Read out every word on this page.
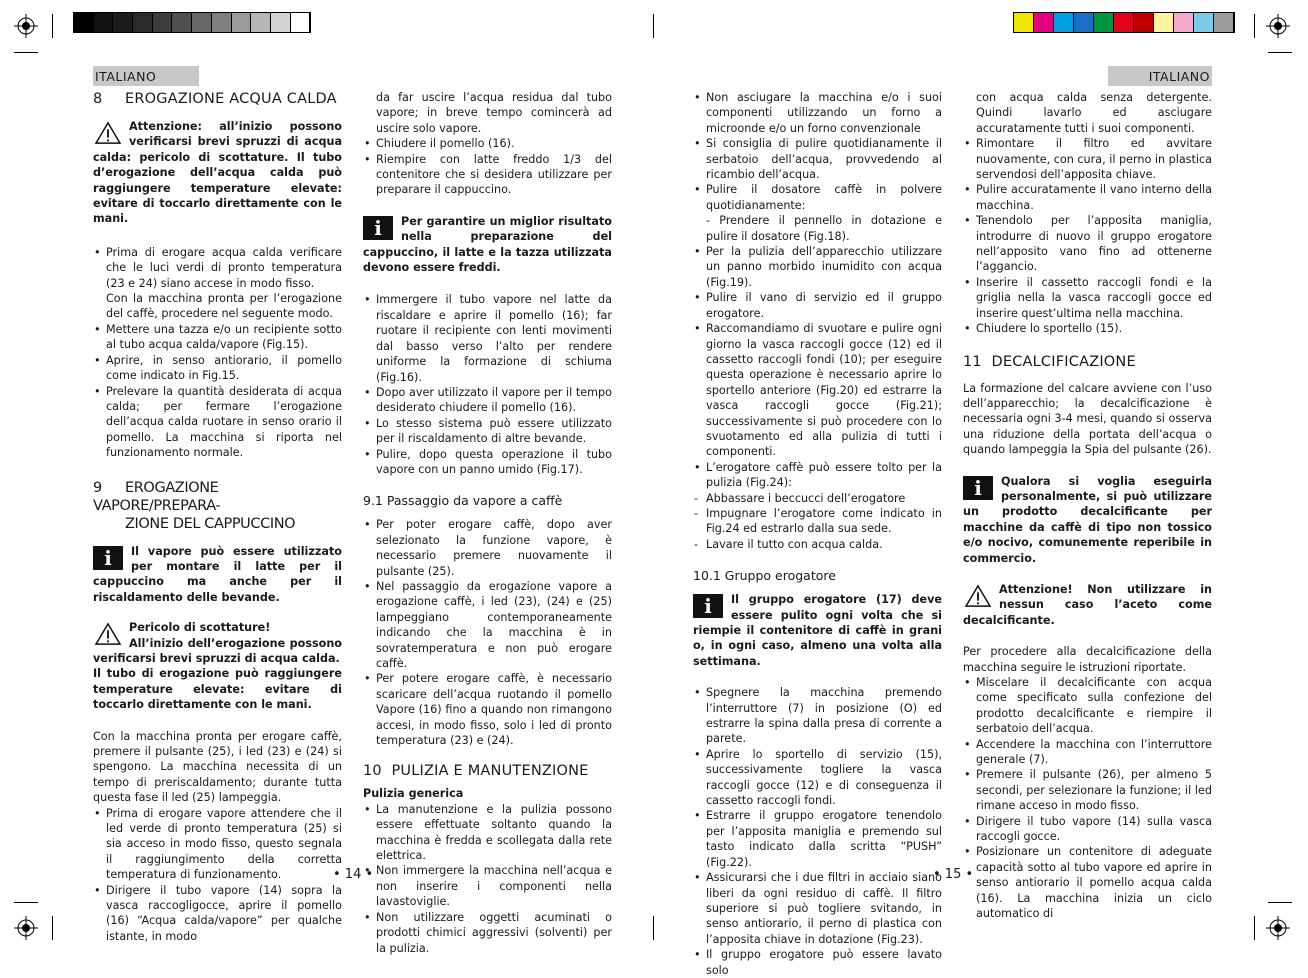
ITALIANO	ITALIANO
• 14 •	• 15 •
8 EROGAZIONE ACQUA CALDA

Attenzione: all’inizio possono verificarsi brevi spruzzi di acqua calda: pericolo di scottature. Il tubo d’erogazione dell’acqua calda può raggiungere temperature elevate: evitare di toccarlo direttamente con le mani.

• Prima di erogare acqua calda verificare che le luci verdi di pronto temperatura (23 e 24) siano accese in modo fisso.
Con la macchina pronta per l’erogazione del caffè, procedere nel seguente modo.
• Mettere una tazza e/o un recipiente sotto al tubo acqua calda/vapore (Fig.15).
• Aprire, in senso antiorario, il pomello come indicato in Fig.15.
• Prelevare la quantità desiderata di acqua calda; per fermare l’erogazione dell’acqua calda ruotare in senso orario il pomello. La macchina si riporta nel funzionamento normale.
9 EROGAZIONE VAPORE/PREPARA-
ZIONE DEL CAPPUCCINO
i	Il vapore può essere utilizzato per montare il latte per il cappuccino ma anche per il riscaldamento delle bevande.

Pericolo di scottature!

All’inizio dell’erogazione possono verificarsi brevi spruzzi di acqua calda.

Il tubo di erogazione può raggiungere temperature elevate: evitare di toccarlo direttamente con le mani.

Con la macchina pronta per erogare caffè, premere il pulsante (25), i led (23) e (24) si spengono. La macchina necessita di un tempo di preriscaldamento; durante tutta questa fase il led (25) lampeggia.

• Prima di erogare vapore attendere che il led verde di pronto temperatura (25) si sia acceso in modo fisso, questo segnala il raggiungimento della corretta temperatura di funzionamento.
• Dirigere il tubo vapore (14) sopra la vasca raccogligocce, aprire il pomello (16) “Acqua calda/vapore” per qualche istante, in modo

da far uscire l’acqua residua dal tubo vapore; in breve tempo comincerà ad uscire solo vapore.

• Chiudere il pomello (16).
• Riempire con latte freddo 1/3 del contenitore che si desidera utilizzare per preparare il cappuccino.
i	Per garantire un miglior risultato nella preparazione del cappuccino, il latte e la tazza utilizzata devono essere freddi.

• Immergere il tubo vapore nel latte da riscaldare e aprire il pomello (16); far ruotare il recipiente con lenti movimenti dal basso verso l’alto per rendere uniforme la formazione di schiuma (Fig.16).
• Dopo aver utilizzato il vapore per il tempo desiderato chiudere il pomello (16).
• Lo stesso sistema può essere utilizzato per il riscaldamento di altre bevande.
• Pulire, dopo questa operazione il tubo vapore con un panno umido (Fig.17).
9.1 Passaggio da vapore a caffè
• Per poter erogare caffè, dopo aver selezionato la funzione vapore, è necessario premere nuovamente il pulsante (25).
• Nel passaggio da erogazione vapore a erogazione caffè, i led (23), (24) e (25) lampeggiano contemporaneamente indicando che la macchina è in sovratemperatura e non può erogare caffè.
• Per potere erogare caffè, è necessario scaricare dell’acqua ruotando il pomello Vapore (16) fino a quando non rimangono accesi, in modo fisso, solo i led di pronto temperatura (23) e (24).
10 PULIZIA E MANUTENZIONE

Pulizia generica

• La manutenzione e la pulizia possono essere effettuate soltanto quando la macchina è fredda e scollegata dalla rete elettrica.
• Non immergere la macchina nell’acqua e non inserire i componenti nella lavastoviglie.
• Non utilizzare oggetti acuminati o prodotti chimici aggressivi (solventi) per la pulizia.
• Non asciugare la macchina e/o i suoi componenti utilizzando un forno a microonde e/o un forno convenzionale
• Si consiglia di pulire quotidianamente il serbatoio dell’acqua, provvedendo al ricambio dell’acqua.
• Pulire il dosatore caffè in polvere quotidianamente:
- Prendere il pennello in dotazione e pulire il dosatore (Fig.18).
• Per la pulizia dell’apparecchio utilizzare un panno morbido inumidito con acqua (Fig.19).
• Pulire il vano di servizio ed il gruppo erogatore.
• Raccomandiamo di svuotare e pulire ogni giorno la vasca raccogli gocce (12) ed il cassetto raccogli fondi (10); per eseguire questa operazione è necessario aprire lo sportello anteriore (Fig.20) ed estrarre la vasca raccogli gocce (Fig.21); successivamente si può procedere con lo svuotamento ed alla pulizia di tutti i componenti.
• L’erogatore caffè può essere tolto per la pulizia (Fig.24):
- Abbassare i beccucci dell’erogatore
- Impugnare l’erogatore come indicato in Fig.24 ed estrarlo dalla sua sede.
- Lavare il tutto con acqua calda.
10.1 Gruppo erogatore
i	Il gruppo erogatore (17) deve essere pulito ogni volta che si riempie il contenitore di caffè in grani o, in ogni caso, almeno una volta alla settimana.

• Spegnere la macchina premendo l’interruttore (7) in posizione (O) ed estrarre la spina dalla presa di corrente a parete.
• Aprire lo sportello di servizio (15), successivamente togliere la vasca raccogli gocce (12) e di conseguenza il cassetto raccogli fondi.
• Estrarre il gruppo erogatore tenendolo per l’apposita maniglia e premendo sul tasto indicato dalla scritta “PUSH” (Fig.22).
• Assicurarsi che i due filtri in acciaio siano liberi da ogni residuo di caffè. Il filtro superiore si può togliere svitando, in senso antiorario, il perno di plastica con l’apposita chiave in dotazione (Fig.23).
• Il gruppo erogatore può essere lavato solo

con acqua calda senza detergente. Quindi lavarlo ed asciugare accuratamente tutti i suoi componenti.

• Rimontare il filtro ed avvitare nuovamente, con cura, il perno in plastica servendosi dell’apposita chiave.
• Pulire accuratamente il vano interno della macchina.
• Tenendolo per l’apposita maniglia, introdurre di nuovo il gruppo erogatore nell’apposito vano fino ad ottenerne l’aggancio.
• Inserire il cassetto raccogli fondi e la griglia nella la vasca raccogli gocce ed inserire quest’ultima nella macchina.
• Chiudere lo sportello (15).
11 DECALCIFICAZIONE

La formazione del calcare avviene con l’uso dell’apparecchio; la decalcificazione è necessaria ogni 3-4 mesi, quando si osserva una riduzione della portata dell’acqua o quando lampeggia la Spia del pulsante (26).

i	Qualora si voglia eseguirla personalmente, si può utilizzare un prodotto decalcificante per macchine da caffè di tipo non tossico e/o nocivo, comunemente reperibile in commercio.

Attenzione! Non utilizzare in nessun caso l’aceto come decalcificante.

Per procedere alla decalcificazione della macchina seguire le istruzioni riportate.

• Miscelare il decalcificante con acqua come specificato sulla confezione del prodotto decalcificante e riempire il serbatoio dell’acqua.
• Accendere la macchina con l’interruttore generale (7).
• Premere il pulsante (26), per almeno 5 secondi, per selezionare la funzione; il led rimane acceso in modo fisso.
• Dirigere il tubo vapore (14) sulla vasca raccogli gocce.
• Posizionare un contenitore di adeguate capacità sotto al tubo vapore ed aprire in senso antiorario il pomello acqua calda (16). La macchina inizia un ciclo automatico di
